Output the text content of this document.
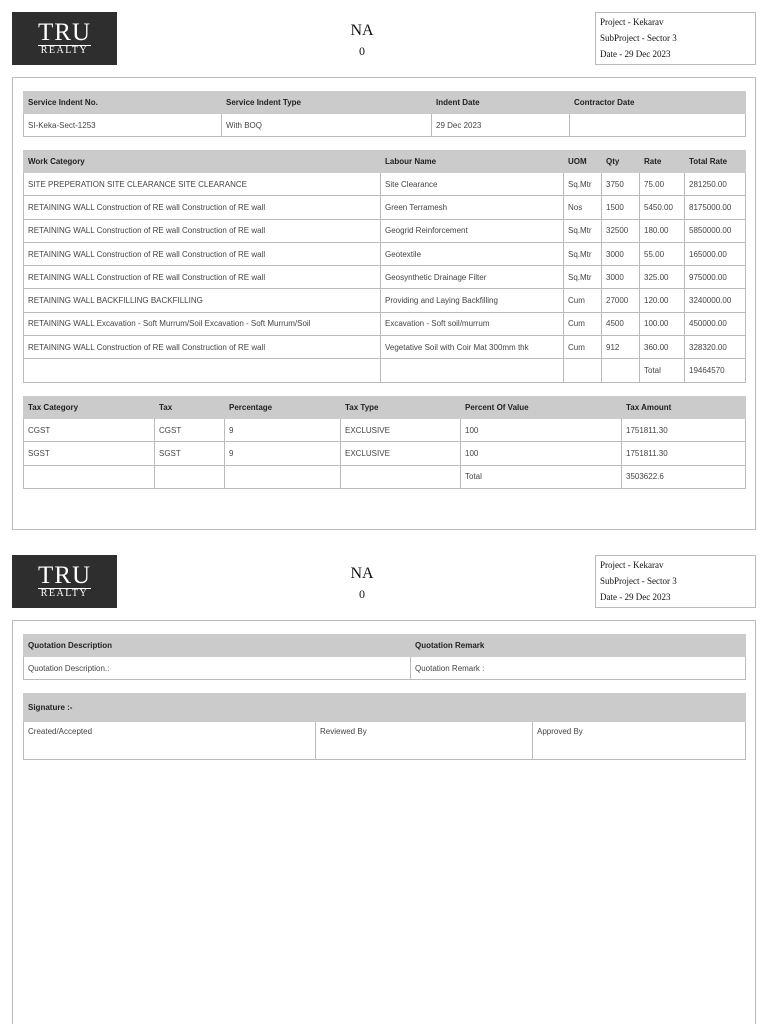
TRU
REALTY
NA
0
Project - Kekarav
SubProject - Sector 3
Date - 29 Dec 2023
Service Indent No.	Service Indent Type	Indent Date	Contractor Date
SI-Keka-Sect-1253	With BOQ	29 Dec 2023	
Work Category	Labour Name	UOM	Qty	Rate	Total Rate
SITE PREPERATION SITE CLEARANCE SITE CLEARANCE	Site Clearance	Sq.Mtr	3750	75.00	281250.00
RETAINING WALL Construction of RE wall Construction of RE wall	Green Terramesh	Nos	1500	5450.00	8175000.00
RETAINING WALL Construction of RE wall Construction of RE wall	Geogrid Reinforcement	Sq.Mtr	32500	180.00	5850000.00
RETAINING WALL Construction of RE wall Construction of RE wall	Geotextile	Sq.Mtr	3000	55.00	165000.00
RETAINING WALL Construction of RE wall Construction of RE wall	Geosynthetic Drainage Filter	Sq.Mtr	3000	325.00	975000.00
RETAINING WALL BACKFILLING BACKFILLING	Providing and Laying Backfilling	Cum	27000	120.00	3240000.00
RETAINING WALL Excavation - Soft Murrum/Soil Excavation - Soft Murrum/Soil	Excavation - Soft soil/murrum	Cum	4500	100.00	450000.00
RETAINING WALL Construction of RE wall Construction of RE wall	Vegetative Soil with Coir Mat 300mm thk	Cum	912	360.00	328320.00
				Total	19464570
Tax Category	Tax	Percentage	Tax Type	Percent Of Value	Tax Amount
CGST	CGST	9	EXCLUSIVE	100	1751811.30
SGST	SGST	9	EXCLUSIVE	100	1751811.30
				Total	3503622.6
TRU
REALTY
NA
0
Project - Kekarav
SubProject - Sector 3
Date - 29 Dec 2023
Quotation Description	Quotation Remark
Quotation Description.:	Quotation Remark :
Signature :-
Created/Accepted	Reviewed By	Approved By
